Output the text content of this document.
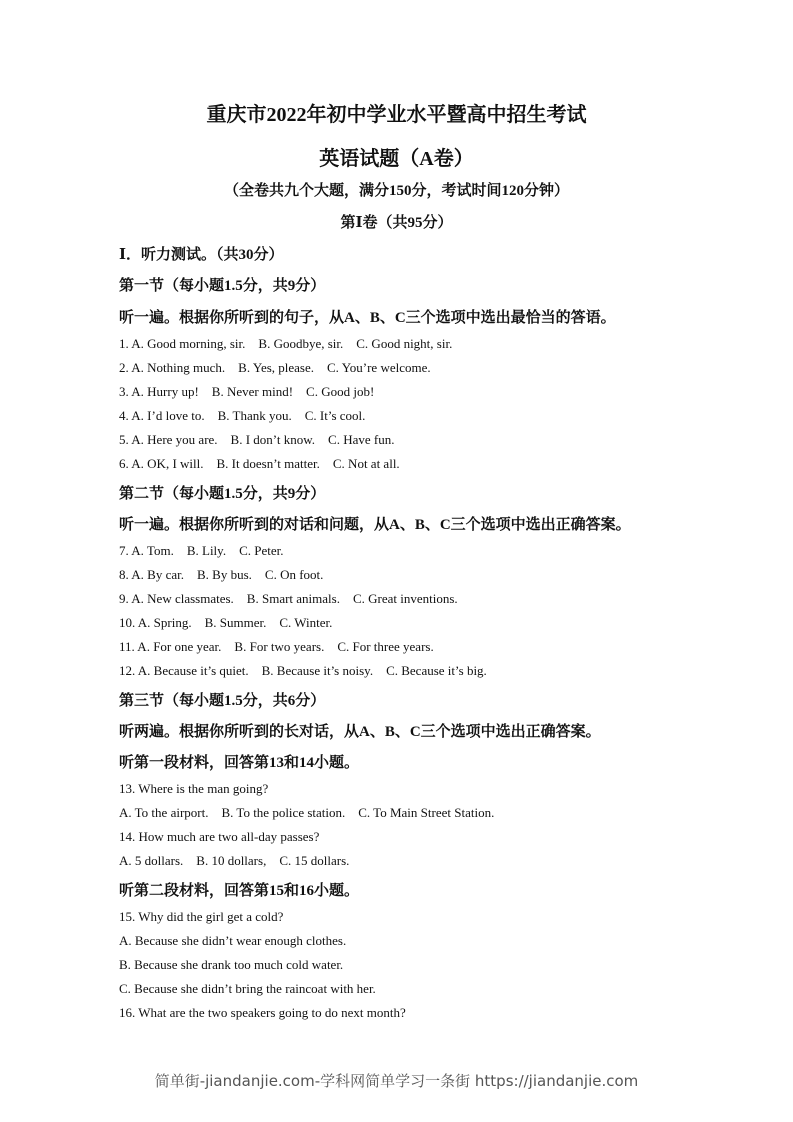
重庆市2022年初中学业水平暨高中招生考试
英语试题（A卷）
（全卷共九个大题，满分150分，考试时间120分钟）
第Ⅰ卷（共95分）
Ⅰ．听力测试。（共30分）
第一节（每小题1.5分，共9分）
听一遍。根据你所听到的句子，从A、B、C三个选项中选出最恰当的答语。
1. A. Good morning, sir.    B. Goodbye, sir.    C. Good night, sir.
2. A. Nothing much.    B. Yes, please.    C. You’re welcome.
3. A. Hurry up!    B. Never mind!    C. Good job!
4. A. I’d love to.    B. Thank you.    C. It’s cool.
5. A. Here you are.    B. I don’t know.    C. Have fun.
6. A. OK, I will.    B. It doesn’t matter.    C. Not at all.
第二节（每小题1.5分，共9分）
听一遍。根据你所听到的对话和问题，从A、B、C三个选项中选出正确答案。
7. A. Tom.    B. Lily.    C. Peter.
8. A. By car.    B. By bus.    C. On foot.
9. A. New classmates.    B. Smart animals.    C. Great inventions.
10. A. Spring.    B. Summer.    C. Winter.
11. A. For one year.    B. For two years.    C. For three years.
12. A. Because it’s quiet.    B. Because it’s noisy.    C. Because it’s big.
第三节（每小题1.5分，共6分）
听两遍。根据你所听到的长对话，从A、B、C三个选项中选出正确答案。
听第一段材料，回答第13和14小题。
13. Where is the man going?
A. To the airport.    B. To the police station.    C. To Main Street Station.
14. How much are two all-day passes?
A. 5 dollars.    B. 10 dollars,    C. 15 dollars.
听第二段材料，回答第15和16小题。
15. Why did the girl get a cold?
A. Because she didn’t wear enough clothes.
B. Because she drank too much cold water.
C. Because she didn’t bring the raincoat with her.
16. What are the two speakers going to do next month?
简单街-jiandanjie.com-学科网简单学习一条街 https://jiandanjie.com
